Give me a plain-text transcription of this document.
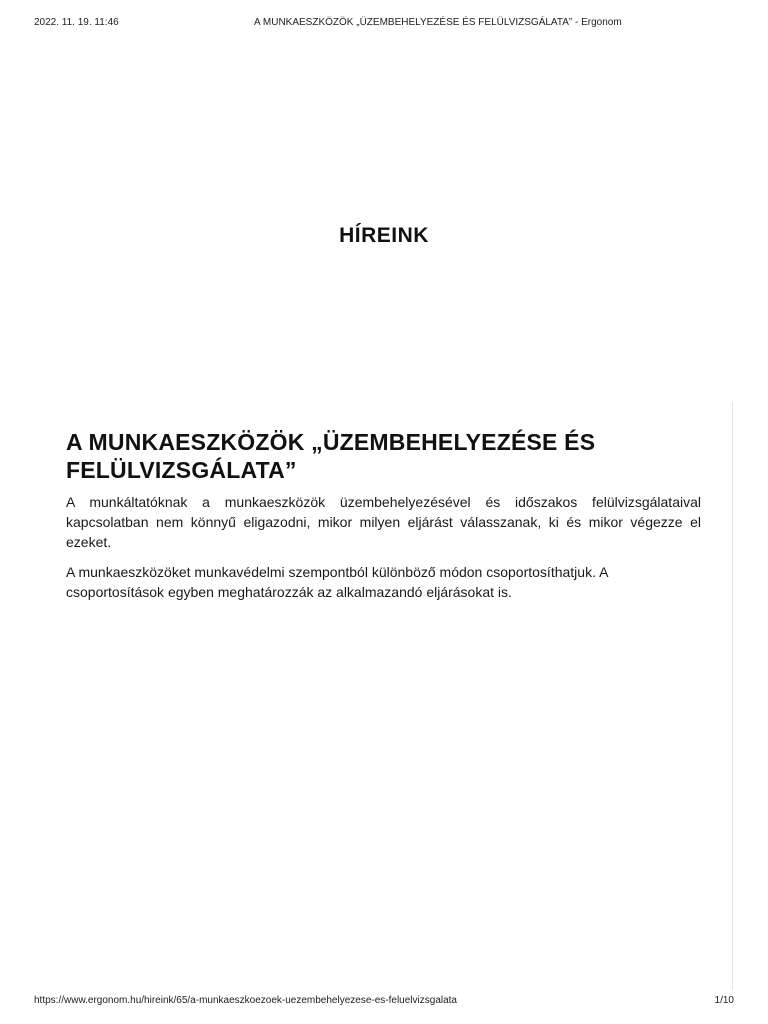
2022. 11. 19. 11:46	A MUNKAESZKÖZÖK „ÜZEMBEHELYEZÉSE ÉS FELÜLVIZSGÁLATA” - Ergonom
HÍREINK
A MUNKAESZKÖZÖK „ÜZEMBEHELYEZÉSE ÉS FELÜLVIZSGÁLATA”

A munkáltatóknak a munkaeszközök üzembehelyezésével és időszakos felülvizsgálataival kapcsolatban nem könnyű eligazodni, mikor milyen eljárást válasszanak, ki és mikor végezze el ezeket.

A munkaeszközöket munkavédelmi szempontból különböző módon csoportosíthatjuk. A csoportosítások egyben meghatározzák az alkalmazandó eljárásokat is.

https://www.ergonom.hu/hireink/65/a-munkaeszkoezoek-uezembehelyezese-es-feluelvizsgalata	1/10
